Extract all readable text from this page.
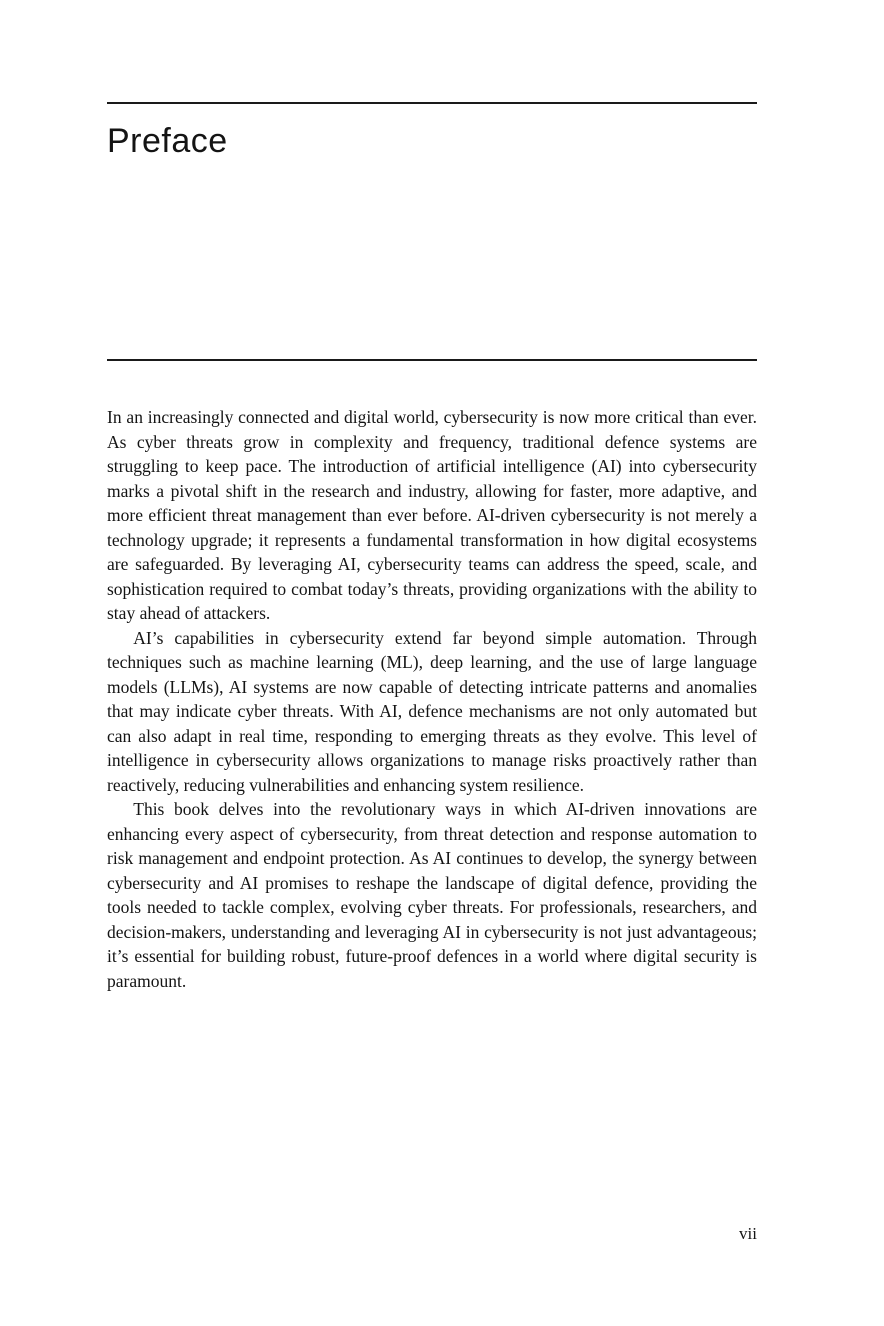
Preface

In an increasingly connected and digital world, cybersecurity is now more critical than ever. As cyber threats grow in complexity and frequency, traditional defence systems are struggling to keep pace. The introduction of artificial intelligence (AI) into cybersecurity marks a pivotal shift in the research and industry, allowing for faster, more adaptive, and more efficient threat management than ever before. AI-driven cybersecurity is not merely a technology upgrade; it represents a fundamental transformation in how digital ecosystems are safeguarded. By leveraging AI, cybersecurity teams can address the speed, scale, and sophistication required to combat today’s threats, providing organizations with the ability to stay ahead of attackers.

AI’s capabilities in cybersecurity extend far beyond simple automation. Through techniques such as machine learning (ML), deep learning, and the use of large language models (LLMs), AI systems are now capable of detecting intricate patterns and anomalies that may indicate cyber threats. With AI, defence mechanisms are not only automated but can also adapt in real time, responding to emerging threats as they evolve. This level of intelligence in cybersecurity allows organizations to manage risks proactively rather than reactively, reducing vulnerabilities and enhancing system resilience.

This book delves into the revolutionary ways in which AI-driven innovations are enhancing every aspect of cybersecurity, from threat detection and response automation to risk management and endpoint protection. As AI continues to develop, the synergy between cybersecurity and AI promises to reshape the landscape of digital defence, providing the tools needed to tackle complex, evolving cyber threats. For professionals, researchers, and decision-makers, understanding and leveraging AI in cybersecurity is not just advantageous; it’s essential for building robust, future-proof defences in a world where digital security is paramount.

vii
